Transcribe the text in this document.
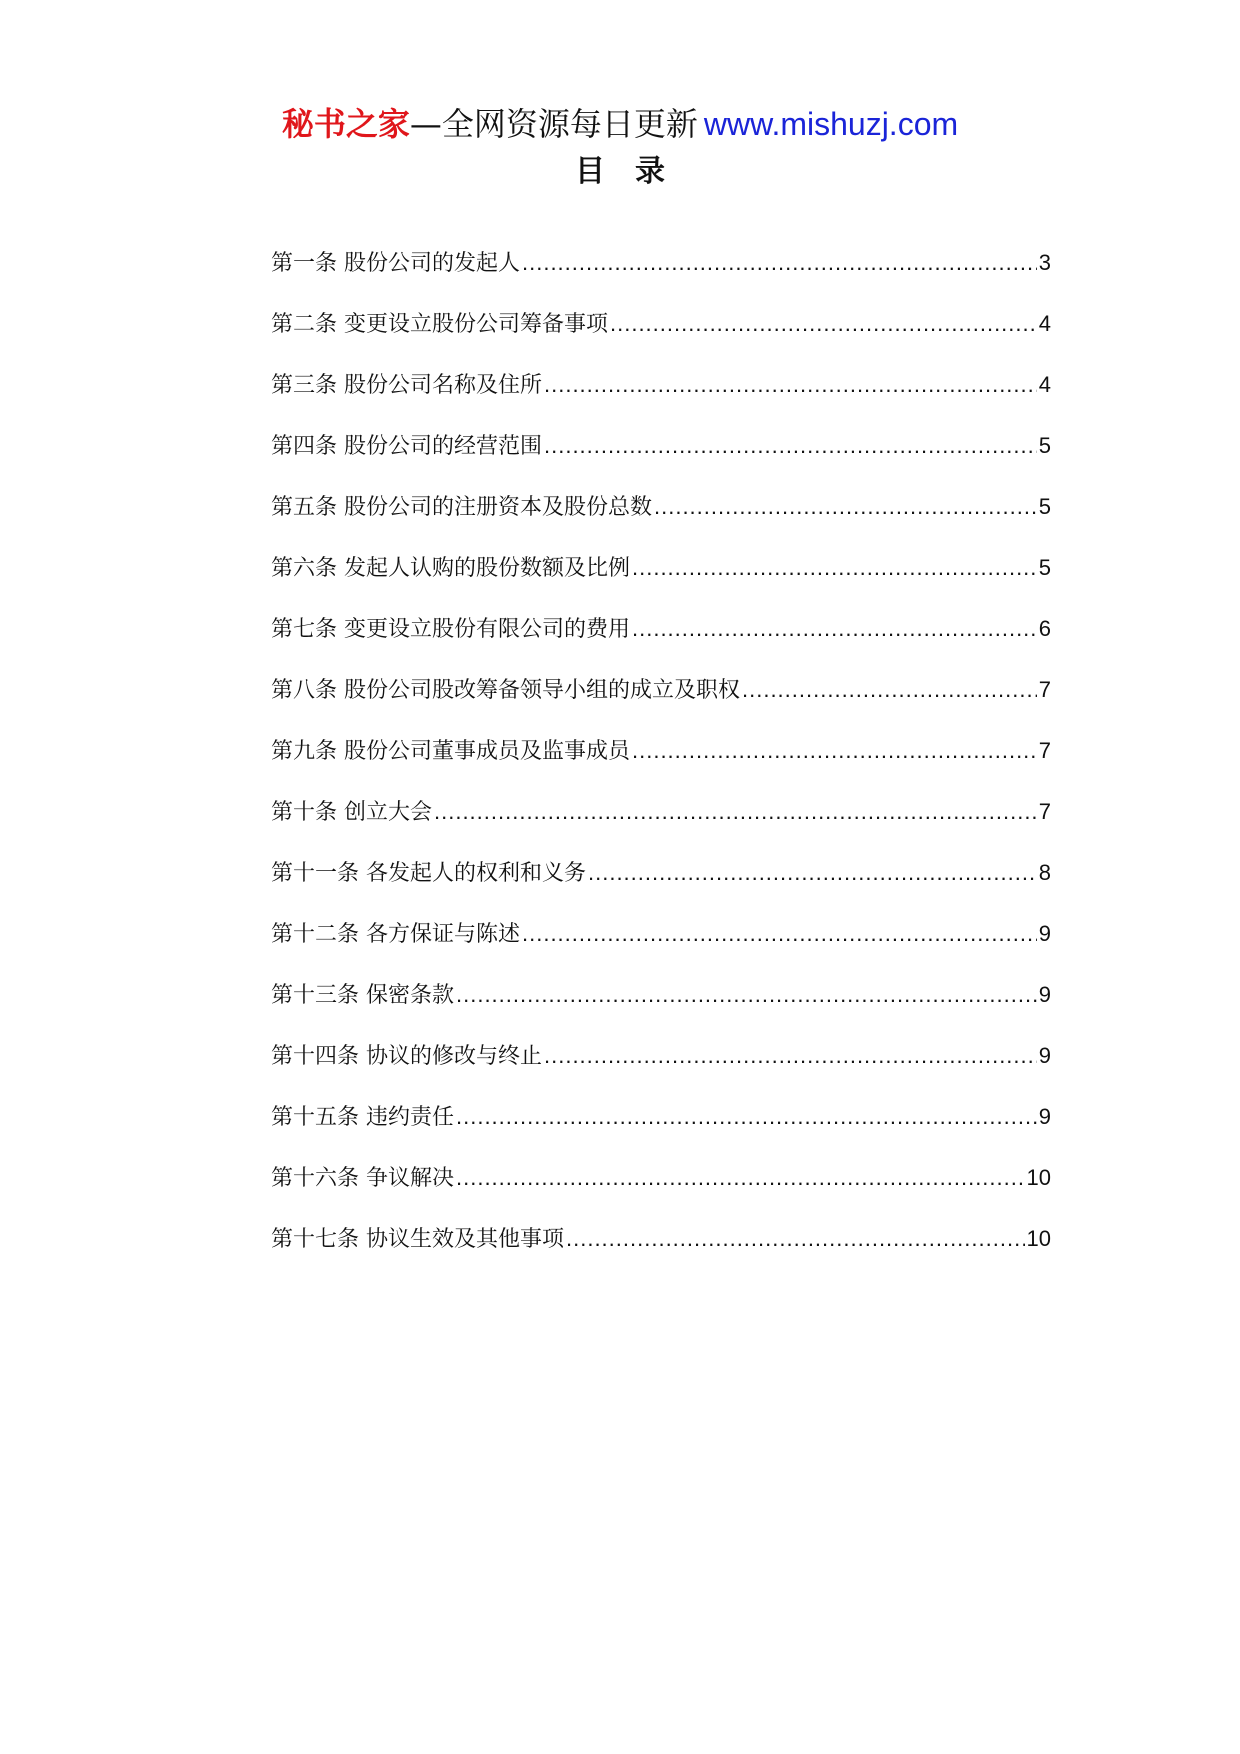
秘书之家—全网资源每日更新 www.mishuzj.com
目录
第一条 股份公司的发起人 .....	3
第二条 变更设立股份公司筹备事项 .....	4
第三条 股份公司名称及住所 .....	4
第四条 股份公司的经营范围 .....	5
第五条 股份公司的注册资本及股份总数 .....	5
第六条 发起人认购的股份数额及比例 .....	5
第七条 变更设立股份有限公司的费用 .....	6
第八条 股份公司股改筹备领导小组的成立及职权 .....	7
第九条 股份公司董事成员及监事成员 .....	7
第十条 创立大会 .....	7
第十一条 各发起人的权利和义务 .....	8
第十二条 各方保证与陈述 .....	9
第十三条 保密条款 .....	9
第十四条 协议的修改与终止 .....	9
第十五条 违约责任 .....	9
第十六条 争议解决 .....	10
第十七条 协议生效及其他事项 .....	10
